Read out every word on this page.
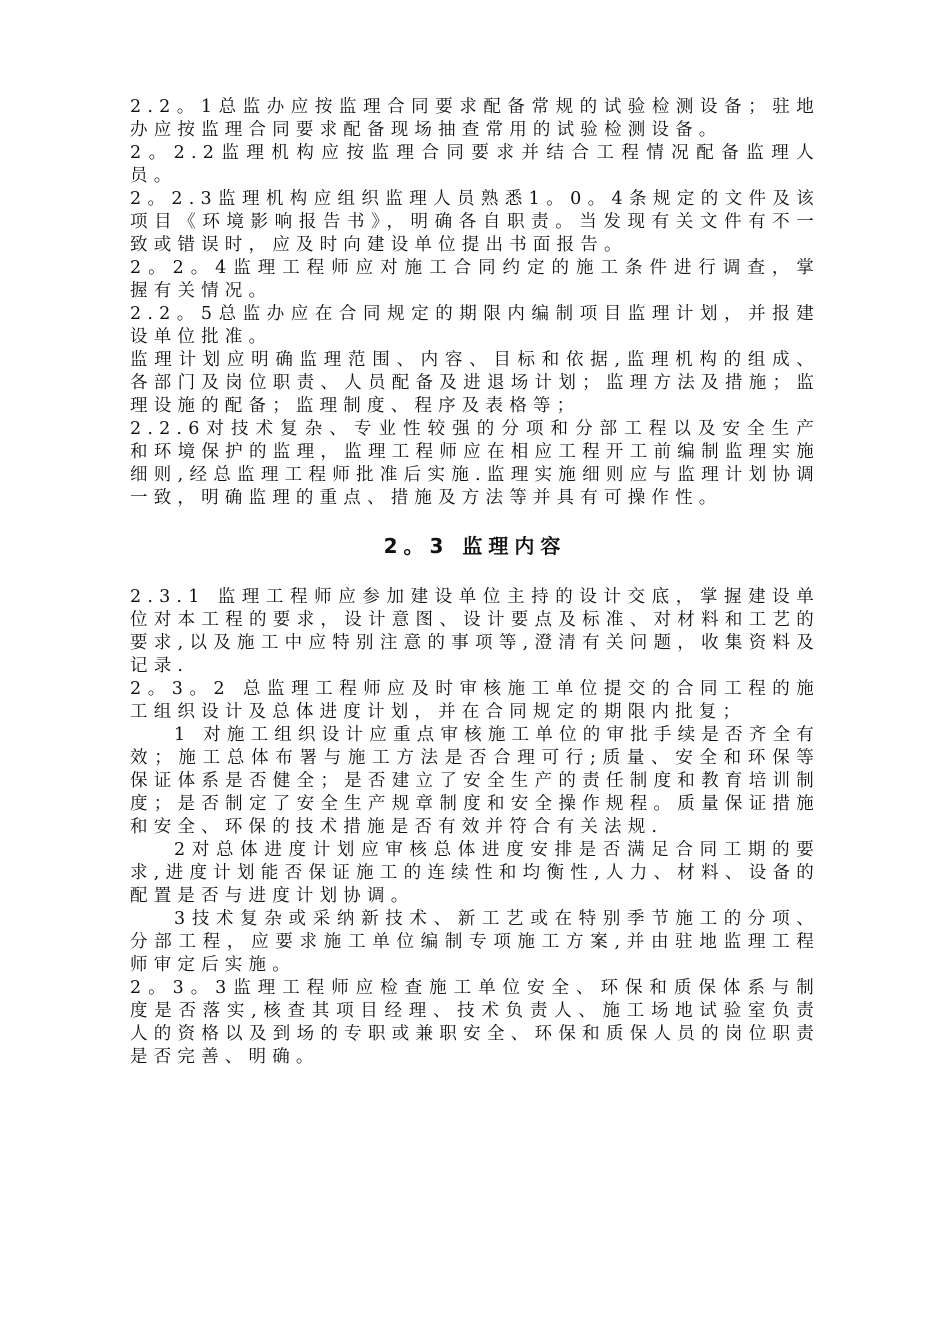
2.2。1总监办应按监理合同要求配备常规的试验检测设备；驻地办应按监理合同要求配备现场抽查常用的试验检测设备。

2。2.2监理机构应按监理合同要求并结合工程情况配备监理人员。

2。2.3监理机构应组织监理人员熟悉1。0。4条规定的文件及该项目《环境影响报告书》，明确各自职责。当发现有关文件有不一致或错误时，应及时向建设单位提出书面报告。

2。2。4监理工程师应对施工合同约定的施工条件进行调查，掌握有关情况。

2.2。5总监办应在合同规定的期限内编制项目监理计划，并报建设单位批准。

监理计划应明确监理范围、内容、目标和依据,监理机构的组成、各部门及岗位职责、人员配备及进退场计划；监理方法及措施；监理设施的配备；监理制度、程序及表格等；

2.2.6对技术复杂、专业性较强的分项和分部工程以及安全生产和环境保护的监理，监理工程师应在相应工程开工前编制监理实施细则,经总监理工程师批准后实施.监理实施细则应与监理计划协调一致，明确监理的重点、措施及方法等并具有可操作性。

2。3 监理内容

2.3.1 监理工程师应参加建设单位主持的设计交底，掌握建设单位对本工程的要求，设计意图、设计要点及标准、对材料和工艺的要求,以及施工中应特别注意的事项等,澄清有关问题，收集资料及记录.

2。3。2 总监理工程师应及时审核施工单位提交的合同工程的施工组织设计及总体进度计划，并在合同规定的期限内批复；

1 对施工组织设计应重点审核施工单位的审批手续是否齐全有效；施工总体布署与施工方法是否合理可行;质量、安全和环保等保证体系是否健全；是否建立了安全生产的责任制度和教育培训制度；是否制定了安全生产规章制度和安全操作规程。质量保证措施和安全、环保的技术措施是否有效并符合有关法规.

2对总体进度计划应审核总体进度安排是否满足合同工期的要求,进度计划能否保证施工的连续性和均衡性,人力、材料、设备的配置是否与进度计划协调。

3技术复杂或采纳新技术、新工艺或在特别季节施工的分项、分部工程，应要求施工单位编制专项施工方案,并由驻地监理工程师审定后实施。

2。3。3监理工程师应检查施工单位安全、环保和质保体系与制度是否落实,核查其项目经理、技术负责人、施工场地试验室负责人的资格以及到场的专职或兼职安全、环保和质保人员的岗位职责是否完善、明确。
